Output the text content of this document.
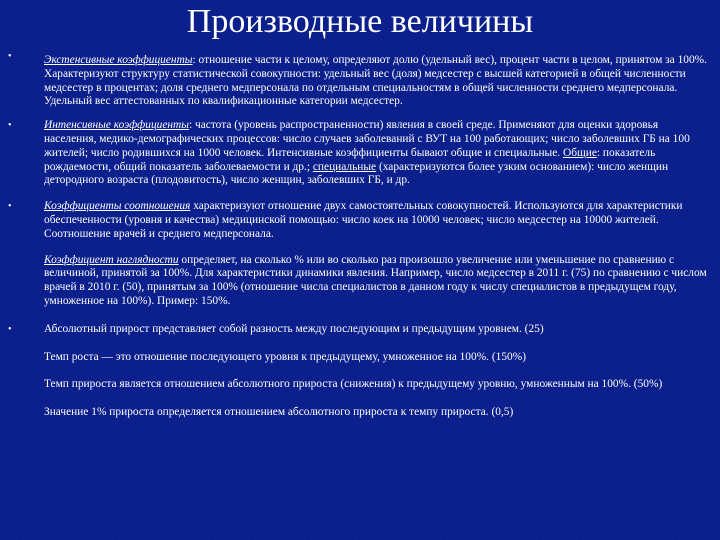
Производные величины
•	Экстенсивные коэффициенты: отношение части к целому, определяют долю (удельный вес), процент части в целом, принятом за 100%. Характеризуют структуру статистической совокупности: удельный вес (доля) медсестер с высшей категорией в общей численности медсестер в процентах; доля среднего медперсонала по отдельным специальностям в общей численности среднего медперсонала. Удельный вес аттестованных по квалификационные категории медсестер.

•	Интенсивные коэффициенты: частота (уровень распространенности) явления в своей среде. Применяют для оценки здоровья населения, медико-демографических процессов: число случаев заболеваний с ВУТ на 100 работающих; число заболевших ГБ на 100 жителей; число родившихся на 1000 человек. Интенсивные коэффициенты бывают общие и специальные. Общие: показатель рождаемости, общий показатель заболеваемости и др.; специальные (характеризуются более узким основанием): число женщин детородного возраста (плодовитость), число женщин, заболевших ГБ, и др.

•	Коэффициенты соотношения характеризуют отношение двух самостоятельных совокупностей. Используются для характеристики обеспеченности (уровня и качества) медицинской помощью: число коек на 10000 человек; число медсестер на 10000 жителей. Соотношение врачей и среднего медперсонала.

Коэффициент наглядности определяет, на сколько % или во сколько раз произошло увеличение или уменьшение по сравнению с величиной, принятой за 100%. Для характеристики динамики явления. Например, число медсестер в 2011 г. (75) по сравнению с числом врачей в 2010 г. (50), принятым за 100% (отношение числа специалистов в данном году к числу специалистов в предыдущем году, умноженное на 100%). Пример: 150%.

•	Абсолютный прирост представляет собой разность между последующим и предыдущим уровнем. (25)

Темп роста — это отношение последующего уровня к предыдущему, умноженное на 100%. (150%)

Темп прироста является отношением абсолютного прироста (снижения) к предыдущему уровню, умноженным на 100%. (50%)

Значение 1% прироста определяется отношением абсолютного прироста к темпу прироста. (0,5)
